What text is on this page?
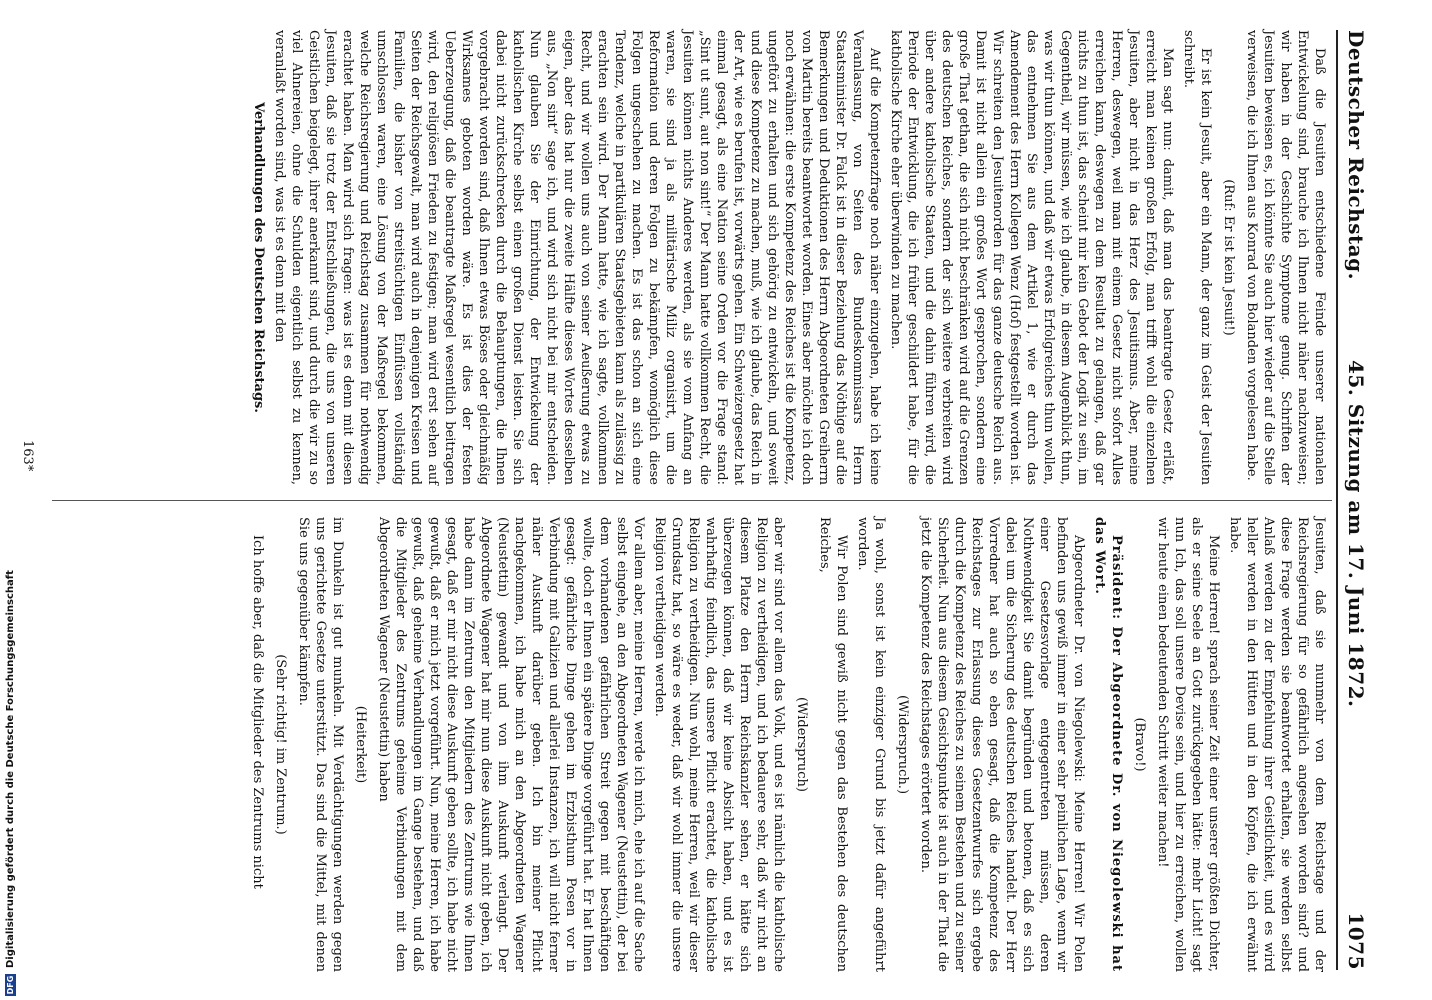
Deutscher Reichstag.
45. Sitzung am 17. Juni 1872.
1075

Daß die Jesuiten entschiedene Feinde unserer nationalen Entwickelung sind, brauche ich Ihnen nicht näher nachzuweisen; wir haben in der Geschichte Symptome genug. Schriften der Jesuiten beweisen es, ich könnte Sie auch hier wieder auf die Stelle verweisen, die ich Ihnen aus Konrad von Bolanden vorgelesen habe.

(Ruf: Er ist kein Jesuit!)

Er ist kein Jesuit, aber ein Mann, der ganz im Geist der Jesuiten schreibt.

Man sagt nun: damit, daß man das beantragte Gesetz erläßt, erreicht man keinen großen Erfolg, man trifft wohl die einzelnen Jesuiten, aber nicht in das Herz des Jesuitismus. Aber, meine Herren, deswegen, weil man mit einem Gesetz nicht sofort Alles erreichen kann, deswegen zu dem Resultat zu gelangen, daß gar nichts zu thun ist, das scheint mir kein Gebot der Logik zu sein, im Gegentheil, wir müssen, wie ich glaube, in diesem Augenblick thun, was wir thun können, und daß wir etwas Erfolgreiches thun wollen, das entnehmen Sie aus dem Artikel 1, wie er durch das Amendement des Herrn Kollegen Wenz (Hof) festgestellt worden ist. Wir schreiten den Jesuitenorden für das ganze deutsche Reich aus. Damit ist nicht allein ein großes Wort gesprochen, sondern eine große That gethan, die sich nicht beschränken wird auf die Grenzen des deutschen Reiches, sondern der sich weitere verbreiten wird über andere katholische Staaten, und die dahin führen wird, die Periode der Entwicklung, die ich früher geschildert habe, für die katholische Kirche eher überwinden zu machen.

Auf die Kompetenzfrage noch näher einzugehen, habe ich keine Veranlassung, von Seiten des Bundeskommissars Herrn Staatsminister Dr. Falck ist in dieser Beziehung das Nöthige auf die Bemerkungen und Deduktionen des Herrn Abgeordneten Greiherrn von Martin bereits beantwortet worden. Eines aber möchte ich doch noch erwähnen: die erste Kompetenz des Reiches ist die Kompetenz, ungeftört zu erhalten und sich gehörig zu entwickeln, und soweit und diese Kompetenz zu machen, muß, wie ich glaube, das Reich in der Art, wie es berufen ist, vorwärts gehen. Ein Schweizergesetz hat einmal gesagt, als eine Nation seine Orden vor die Frage stand: „Sint ut sunt, aut non sint!“ Der Mann hatte vollkommen Recht, die Jesuiten können nichts Anderes werden, als sie vom Anfang an waren, sie sind ja als militärische Miliz organisirt, um die Reformation und deren Folgen zu bekämpfen, womöglich diese Folgen ungeschehen zu machen. Es ist das schon an sich eine Tendenz, welche in partikulären Staatsgebieten kann als zulässig zu erachten sein wird. Der Mann hatte, wie ich sagte, vollkommen Recht, und wir wollen uns auch von seiner Aeußerung etwas zu eigen, aber das hat nur die zweite Hälfte dieses Wortes desselben aus, „Non sint“ sage ich, und wird sich nicht bei mir entscheiden. Nun glauben Sie der Einrichtung, der Entwickelung der katholischen Kirche selbst einen großen Dienst leisten. Sie sich dabei nicht zurückschrecken durch die Behauptungen, die Ihnen vorgebracht worden sind, daß Ihnen etwas Böses oder gleichmäßig Wirksames geboten worden wäre. Es ist dies der festen Ueberzeugung, daß die beantragte Maßregel wesentlich beitragen wird, den religiösen Frieden zu festigen; man wird erst sehen auf Seiten der Reichsgewalt, man wird auch in denjenigen Kreisen und Familien, die bisher von streitsüchtigen Einflüssen vollständig umschlossen waren, eine Lösung von der Maßregel bekommen, welche Reichsregierung und Reichstag zusammen für nothwendig erachtet haben. Man wird sich fragen: was ist es denn mit diesen Jesuiten, daß sie trotz der Entschließungen, die uns von unseren Geistlichen beigelegt, ihrer anerkannt sind, und durch die wir zu so viel Ahnereien, ohne die Schulden eigentlich selbst zu kennen, veranlaßt worden sind, was ist es denn mit den

Verhandlungen des Deutschen Reichstags.

Jesuiten, daß sie nunmehr von dem Reichstage und der Reichsregierung für so gefährlich angesehen worden sind? und diese Frage werden sie beantwortet erhalten, sie werden selbst Anlaß werden zu der Empfehlung ihrer Geistlichkeit, und es wird heller werden in den Hütten und in den Köpfen, die ich erwähnt habe.

Meine Herren! sprach seiner Zeit einer unserer größten Dichter, als er seine Seele an Gott zurückgegeben hätte: mehr Licht! sagt nun Ich, das soll unsere Devise sein, und hier zu erreichen, wollen wir heute einen bedeutenden Schritt weiter machen!

(Bravo!)

Präsident: Der Abgeordnete Dr. von Niegolewski hat das Wort.

Abgeordneter Dr. von Niegolewski: Meine Herren! Wir Polen befinden uns gewiß immer in einer sehr peinlichen Lage, wenn wir einer Gesetzesvorlage entgegentreten müssen, deren Nothwendigkeit Sie damit begründen und betonen, daß es sich dabei um die Sicherung des deutschen Reiches handelt. Der Herr Vorredner hat auch so eben gesagt, daß die Kompetenz des Reichstages zur Erlassung dieses Gesetzentwurfes sich ergebe durch die Kompetenz des Reiches zu seinem Bestehen und zu seiner Sicherheit. Nun aus diesem Gesichtspunkte ist auch in der That die jetzt die Kompetenz des Reichstages erörtert worden.

(Widerspruch.)

Ja wohl, sonst ist kein einziger Grund bis jetzt dafür angeführt worden.

Wir Polen sind gewiß nicht gegen das Bestehen des deutschen Reiches,

(Widerspruch)

aber wir sind vor allem das Volk, und es ist nämlich die katholische Religion zu vertheidigen, und ich bedauere sehr, daß wir nicht an diesem Platze den Herrn Reichskanzler sehen, er hätte sich überzeugen können, daß wir keine Absicht haben, und es ist wahrhaftig feindlich, das unsere Pflicht erachtet, die katholische Religion zu vertheidigen. Nun wohl, meine Herren, weil wir dieser Grundsatz hat, so wäre es weder, daß wir wohl immer die unsere Religion vertheidigen werden.

Vor allem aber, meine Herren, werde ich mich, ehe ich auf die Sache selbst eingehe, an den Abgeordneten Wagener (Neustettin), der bei dem vorhandenen gefährlichen Streit gegen mit beschäftigen wollte, doch er Ihnen ein spätere Dinge vorgeführt hat. Er hat Ihnen gesagt: gefährliche Dinge gehen im Erzbisthum Posen vor in Verbindung mit Galizien und allerlei Instanzen, ich will nicht ferner näher Auskunft darüber geben. Ich bin meiner Pflicht nachgekommen, ich habe mich an den Abgeordneten Wagener (Neustettin) gewandt und von ihm Auskunft verlangt. Der Abgeordnete Wagener hat mir nun diese Auskunft nicht geben, ich habe dann im Zentrum den Mitgliedern des Zentrums wie Ihnen gesagt, daß er mir nicht diese Auskunft geben sollte, ich habe nicht gewußt, daß er mich jetzt vorgeführt. Nun, meine Herren, ich habe gewußt, daß geheime Verhandlungen im Gange bestehen, und daß die Mitglieder des Zentrums geheime Verbindungen mit dem Abgeordneten Wagener (Neustettin) haben

(Heiterkeit)

im Dunkeln ist gut munkeln. Mit Verdächtigungen werden gegen uns gerichtete Gesetze unterstützt. Das sind die Mittel, mit denen Sie uns gegenüber kämpfen.

(Sehr richtig! im Zentrum.)

Ich hoffe aber, daß die Mitglieder des Zentrums nicht

163*
DFG
Digitalisierung gefördert durch die Deutsche Forschungsgemeinschaft
